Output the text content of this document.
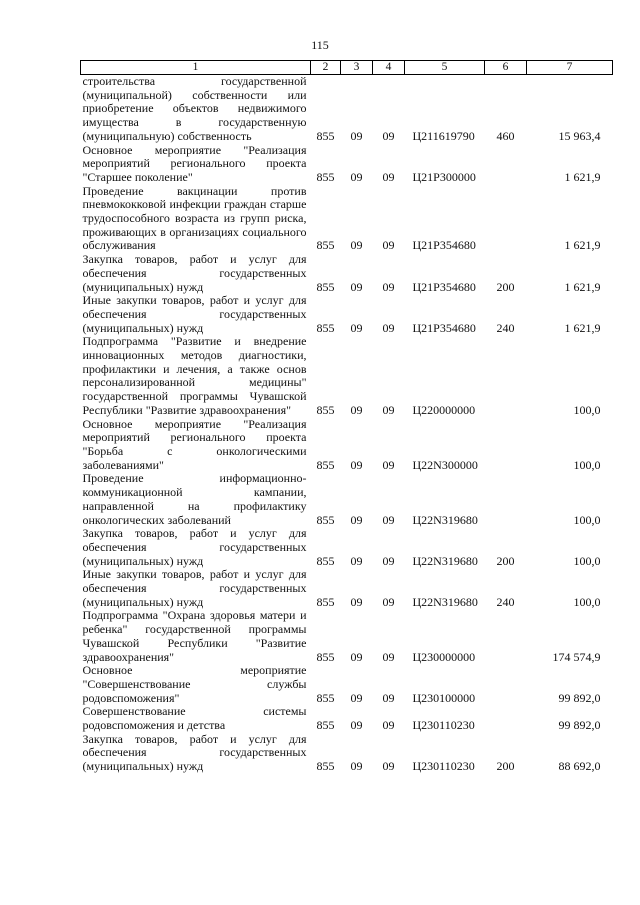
115
1	2	3	4	5	6	7
строительства государственной (муниципальной) собственности или приобретение объектов недвижимого имущества в государственную (муниципальную) собственность	855	09	09	Ц211619790	460	15 963,4
Основное мероприятие "Реализация мероприятий регионального проекта "Старшее поколение"	855	09	09	Ц21P300000		1 621,9
Проведение вакцинации против пневмококковой инфекции граждан старше трудоспособного возраста из групп риска, проживающих в организациях социального обслуживания	855	09	09	Ц21P354680		1 621,9
Закупка товаров, работ и услуг для обеспечения государственных (муниципальных) нужд	855	09	09	Ц21P354680	200	1 621,9
Иные закупки товаров, работ и услуг для обеспечения государственных (муниципальных) нужд	855	09	09	Ц21P354680	240	1 621,9
Подпрограмма "Развитие и внедрение инновационных методов диагностики, профилактики и лечения, а также основ персонализированной медицины" государственной программы Чувашской Республики "Развитие здравоохранения"	855	09	09	Ц220000000		100,0
Основное мероприятие "Реализация мероприятий регионального проекта "Борьба с онкологическими заболеваниями"	855	09	09	Ц22N300000		100,0
Проведение информационно-коммуникационной кампании, направленной на профилактику онкологических заболеваний	855	09	09	Ц22N319680		100,0
Закупка товаров, работ и услуг для обеспечения государственных (муниципальных) нужд	855	09	09	Ц22N319680	200	100,0
Иные закупки товаров, работ и услуг для обеспечения государственных (муниципальных) нужд	855	09	09	Ц22N319680	240	100,0
Подпрограмма "Охрана здоровья матери и ребенка" государственной программы Чувашской Республики "Развитие здравоохранения"	855	09	09	Ц230000000		174 574,9
Основное мероприятие "Совершенствование службы родовспоможения"	855	09	09	Ц230100000		99 892,0
Совершенствование системы родовспоможения и детства	855	09	09	Ц230110230		99 892,0
Закупка товаров, работ и услуг для обеспечения государственных (муниципальных) нужд	855	09	09	Ц230110230	200	88 692,0
